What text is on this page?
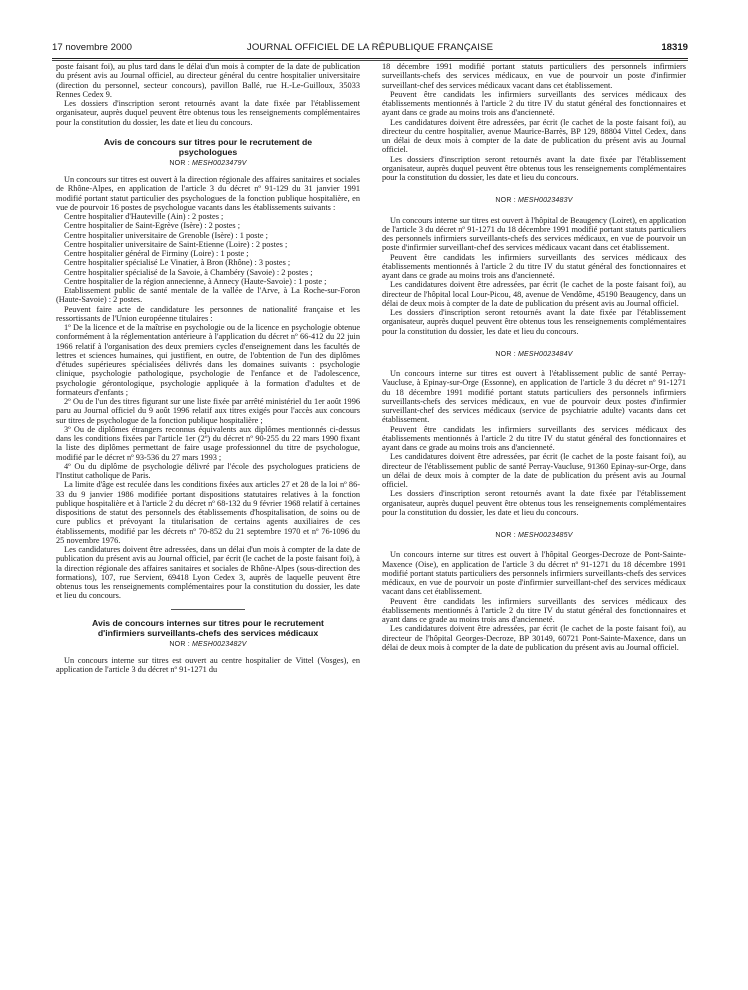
17 novembre 2000	JOURNAL OFFICIEL DE LA RÉPUBLIQUE FRANÇAISE	18319

poste faisant foi), au plus tard dans le délai d'un mois à compter de la date de publication du présent avis au Journal officiel, au directeur général du centre hospitalier universitaire (direction du personnel, secteur concours), pavillon Ballé, rue H.-Le-Guilloux, 35033 Rennes Cedex 9.

Les dossiers d'inscription seront retournés avant la date fixée par l'établissement organisateur, auprès duquel peuvent être obtenus tous les renseignements complémentaires pour la constitution du dossier, les date et lieu du concours.

Avis de concours sur titres pour le recrutement de psychologues
NOR : MESH0023479V

Un concours sur titres est ouvert à la direction régionale des affaires sanitaires et sociales de Rhône-Alpes, en application de l'article 3 du décret nº 91-129 du 31 janvier 1991 modifié portant statut particulier des psychologues de la fonction publique hospitalière, en vue de pourvoir 16 postes de psychologue vacants dans les établissements suivants :

Centre hospitalier d'Hauteville (Ain) : 2 postes ;

Centre hospitalier de Saint-Egrève (Isère) : 2 postes ;

Centre hospitalier universitaire de Grenoble (Isère) : 1 poste ;

Centre hospitalier universitaire de Saint-Etienne (Loire) : 2 postes ;

Centre hospitalier général de Firminy (Loire) : 1 poste ;

Centre hospitalier spécialisé Le Vinatier, à Bron (Rhône) : 3 postes ;

Centre hospitalier spécialisé de la Savoie, à Chambéry (Savoie) : 2 postes ;

Centre hospitalier de la région annecienne, à Annecy (Haute-Savoie) : 1 poste ;

Etablissement public de santé mentale de la vallée de l'Arve, à La Roche-sur-Foron (Haute-Savoie) : 2 postes.

Peuvent faire acte de candidature les personnes de nationalité française et les ressortissants de l'Union européenne titulaires :

1º De la licence et de la maîtrise en psychologie ou de la licence en psychologie obtenue conformément à la réglementation antérieure à l'application du décret nº 66-412 du 22 juin 1966 relatif à l'organisation des deux premiers cycles d'enseignement dans les facultés de lettres et sciences humaines, qui justifient, en outre, de l'obtention de l'un des diplômes d'études supérieures spécialisées délivrés dans les domaines suivants : psychologie clinique, psychologie pathologique, psychologie de l'enfance et de l'adolescence, psychologie gérontologique, psychologie appliquée à la formation d'adultes et de formateurs d'enfants ;

2º Ou de l'un des titres figurant sur une liste fixée par arrêté ministériel du 1er août 1996 paru au Journal officiel du 9 août 1996 relatif aux titres exigés pour l'accès aux concours sur titres de psychologue de la fonction publique hospitalière ;

3º Ou de diplômes étrangers reconnus équivalents aux diplômes mentionnés ci-dessus dans les conditions fixées par l'article 1er (2º) du décret nº 90-255 du 22 mars 1990 fixant la liste des diplômes permettant de faire usage professionnel du titre de psychologue, modifié par le décret nº 93-536 du 27 mars 1993 ;

4º Ou du diplôme de psychologie délivré par l'école des psychologues praticiens de l'Institut catholique de Paris.

La limite d'âge est reculée dans les conditions fixées aux articles 27 et 28 de la loi nº 86-33 du 9 janvier 1986 modifiée portant dispositions statutaires relatives à la fonction publique hospitalière et à l'article 2 du décret nº 68-132 du 9 février 1968 relatif à certaines dispositions de statut des personnels des établissements d'hospitalisation, de soins ou de cure publics et prévoyant la titularisation de certains agents auxiliaires de ces établissements, modifié par les décrets nº 70-852 du 21 septembre 1970 et nº 76-1096 du 25 novembre 1976.

Les candidatures doivent être adressées, dans un délai d'un mois à compter de la date de publication du présent avis au Journal officiel, par écrit (le cachet de la poste faisant foi), à la direction régionale des affaires sanitaires et sociales de Rhône-Alpes (sous-direction des formations), 107, rue Servient, 69418 Lyon Cedex 3, auprès de laquelle peuvent être obtenus tous les renseignements complémentaires pour la constitution du dossier, les date et lieu du concours.

Avis de concours internes sur titres pour le recrutement d'infirmiers surveillants-chefs des services médicaux
NOR : MESH0023482V

Un concours interne sur titres est ouvert au centre hospitalier de Vittel (Vosges), en application de l'article 3 du décret nº 91-1271 du

18 décembre 1991 modifié portant statuts particuliers des personnels infirmiers surveillants-chefs des services médicaux, en vue de pourvoir un poste d'infirmier surveillant-chef des services médicaux vacant dans cet établissement.

Peuvent être candidats les infirmiers surveillants des services médicaux des établissements mentionnés à l'article 2 du titre IV du statut général des fonctionnaires et ayant dans ce grade au moins trois ans d'ancienneté.

Les candidatures doivent être adressées, par écrit (le cachet de la poste faisant foi), au directeur du centre hospitalier, avenue Maurice-Barrès, BP 129, 88804 Vittel Cedex, dans un délai de deux mois à compter de la date de publication du présent avis au Journal officiel.

Les dossiers d'inscription seront retournés avant la date fixée par l'établissement organisateur, auprès duquel peuvent être obtenus tous les renseignements complémentaires pour la constitution du dossier, les date et lieu du concours.

NOR : MESH0023483V

Un concours interne sur titres est ouvert à l'hôpital de Beaugency (Loiret), en application de l'article 3 du décret nº 91-1271 du 18 décembre 1991 modifié portant statuts particuliers des personnels infirmiers surveillants-chefs des services médicaux, en vue de pourvoir un poste d'infirmier surveillant-chef des services médicaux vacant dans cet établissement.

Peuvent être candidats les infirmiers surveillants des services médicaux des établissements mentionnés à l'article 2 du titre IV du statut général des fonctionnaires et ayant dans ce grade au moins trois ans d'ancienneté.

Les candidatures doivent être adressées, par écrit (le cachet de la poste faisant foi), au directeur de l'hôpital local Lour-Picou, 48, avenue de Vendôme, 45190 Beaugency, dans un délai de deux mois à compter de la date de publication du présent avis au Journal officiel.

Les dossiers d'inscription seront retournés avant la date fixée par l'établissement organisateur, auprès duquel peuvent être obtenus tous les renseignements complémentaires pour la constitution du dossier, les date et lieu du concours.

NOR : MESH0023484V

Un concours interne sur titres est ouvert à l'établissement public de santé Perray-Vaucluse, à Epinay-sur-Orge (Essonne), en application de l'article 3 du décret nº 91-1271 du 18 décembre 1991 modifié portant statuts particuliers des personnels infirmiers surveillants-chefs des services médicaux, en vue de pourvoir deux postes d'infirmier surveillant-chef des services médicaux (service de psychiatrie adulte) vacants dans cet établissement.

Peuvent être candidats les infirmiers surveillants des services médicaux des établissements mentionnés à l'article 2 du titre IV du statut général des fonctionnaires et ayant dans ce grade au moins trois ans d'ancienneté.

Les candidatures doivent être adressées, par écrit (le cachet de la poste faisant foi), au directeur de l'établissement public de santé Perray-Vaucluse, 91360 Epinay-sur-Orge, dans un délai de deux mois à compter de la date de publication du présent avis au Journal officiel.

Les dossiers d'inscription seront retournés avant la date fixée par l'établissement organisateur, auprès duquel peuvent être obtenus tous les renseignements complémentaires pour la constitution du dossier, les date et lieu du concours.

NOR : MESH0023485V

Un concours interne sur titres est ouvert à l'hôpital Georges-Decroze de Pont-Sainte-Maxence (Oise), en application de l'article 3 du décret nº 91-1271 du 18 décembre 1991 modifié portant statuts particuliers des personnels infirmiers surveillants-chefs des services médicaux, en vue de pourvoir un poste d'infirmier surveillant-chef des services médicaux vacant dans cet établissement.

Peuvent être candidats les infirmiers surveillants des services médicaux des établissements mentionnés à l'article 2 du titre IV du statut général des fonctionnaires et ayant dans ce grade au moins trois ans d'ancienneté.

Les candidatures doivent être adressées, par écrit (le cachet de la poste faisant foi), au directeur de l'hôpital Georges-Decroze, BP 30149, 60721 Pont-Sainte-Maxence, dans un délai de deux mois à compter de la date de publication du présent avis au Journal officiel.
